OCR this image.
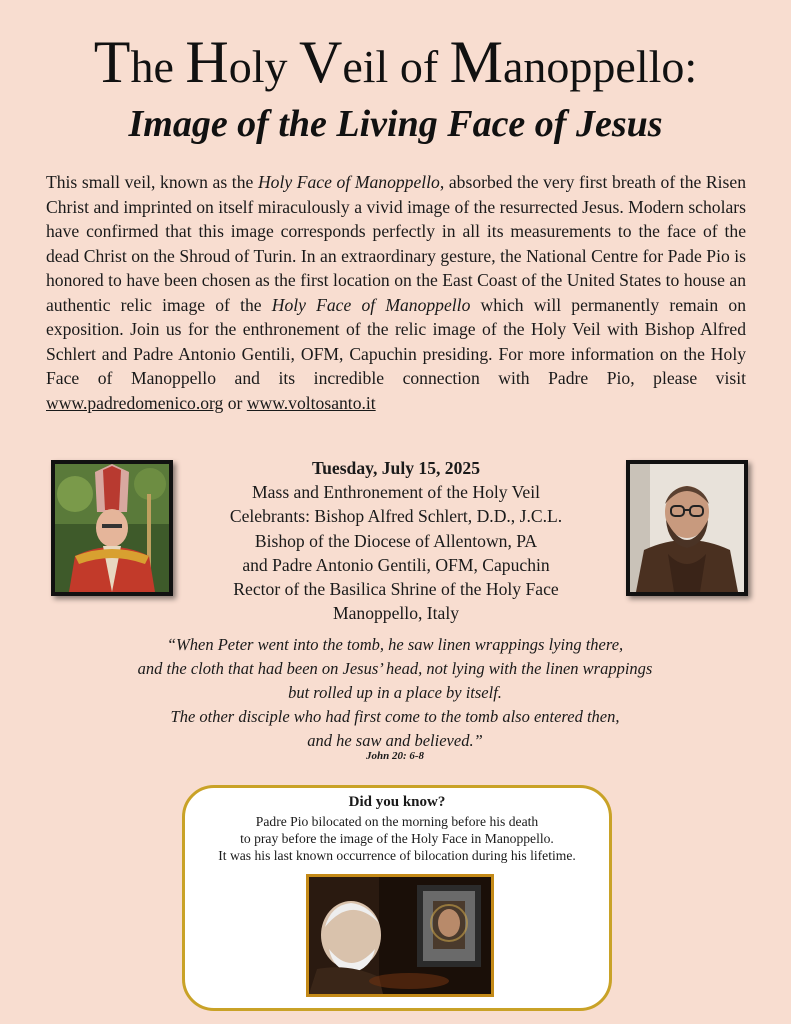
The Holy Veil of Manoppello:
Image of the Living Face of Jesus
This small veil, known as the Holy Face of Manoppello, absorbed the very first breath of the Risen Christ and imprinted on itself miraculously a vivid image of the resurrected Jesus. Modern scholars have confirmed that this image corresponds perfectly in all its measurements to the face of the dead Christ on the Shroud of Turin. In an extraordinary gesture, the National Centre for Pade Pio is honored to have been chosen as the first location on the East Coast of the United States to house an authentic relic image of the Holy Face of Manoppello which will permanently remain on exposition. Join us for the enthronement of the relic image of the Holy Veil with Bishop Alfred Schlert and Padre Antonio Gentili, OFM, Capuchin presiding. For more information on the Holy Face of Manoppello and its incredible connection with Padre Pio, please visit www.padredomenico.org or www.voltosanto.it
Tuesday, July 15, 2025
Mass and Enthronement of the Holy Veil
Celebrants: Bishop Alfred Schlert, D.D., J.C.L.
Bishop of the Diocese of Allentown, PA
and Padre Antonio Gentili, OFM, Capuchin
Rector of the Basilica Shrine of the Holy Face
Manoppello, Italy
“When Peter went into the tomb, he saw linen wrappings lying there,
and the cloth that had been on Jesus’ head, not lying with the linen wrappings
but rolled up in a place by itself.
The other disciple who had first come to the tomb also entered then,
and he saw and believed.”
John 20: 6-8
Did you know?
Padre Pio bilocated on the morning before his death
to pray before the image of the Holy Face in Manoppello.
It was his last known occurrence of bilocation during his lifetime.
